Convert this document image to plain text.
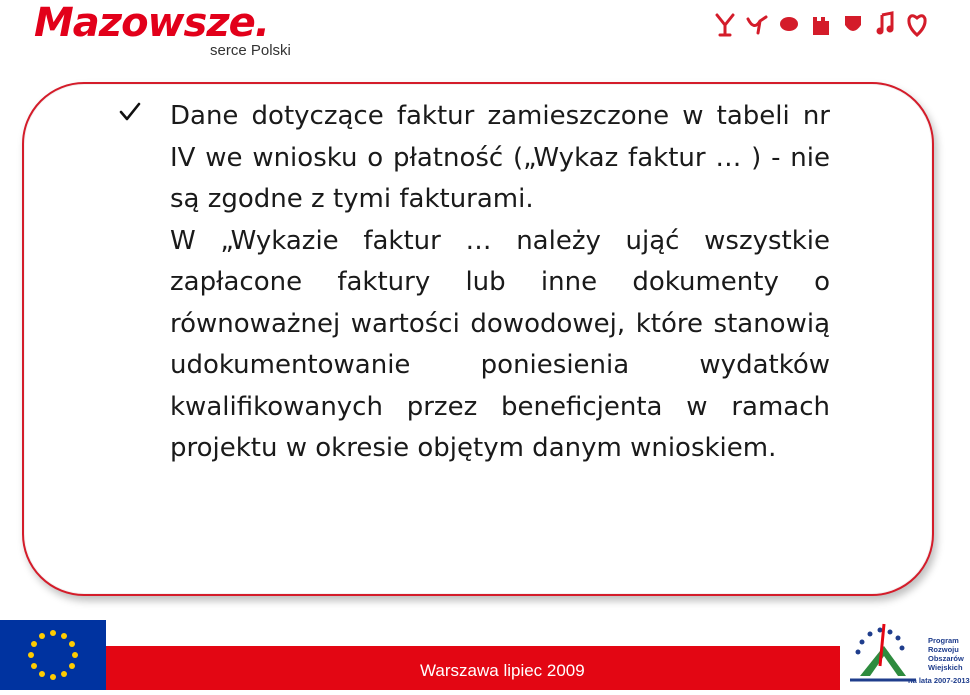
Mazowsze.
serce Polski

Dane dotyczące faktur zamieszczone w tabeli nr IV we wniosku o płatność („Wykaz faktur … ) - nie są zgodne z tymi fakturami.

W „Wykazie faktur … należy ująć wszystkie zapłacone faktury lub inne dokumenty o równoważnej wartości dowodowej, które stanowią udokumentowanie poniesienia wydatków kwalifikowanych przez beneficjenta w ramach projektu w okresie objętym danym wnioskiem.

Warszawa lipiec 2009
Program
Rozwoju
Obszarów
Wiejskich
na lata 2007-2013
